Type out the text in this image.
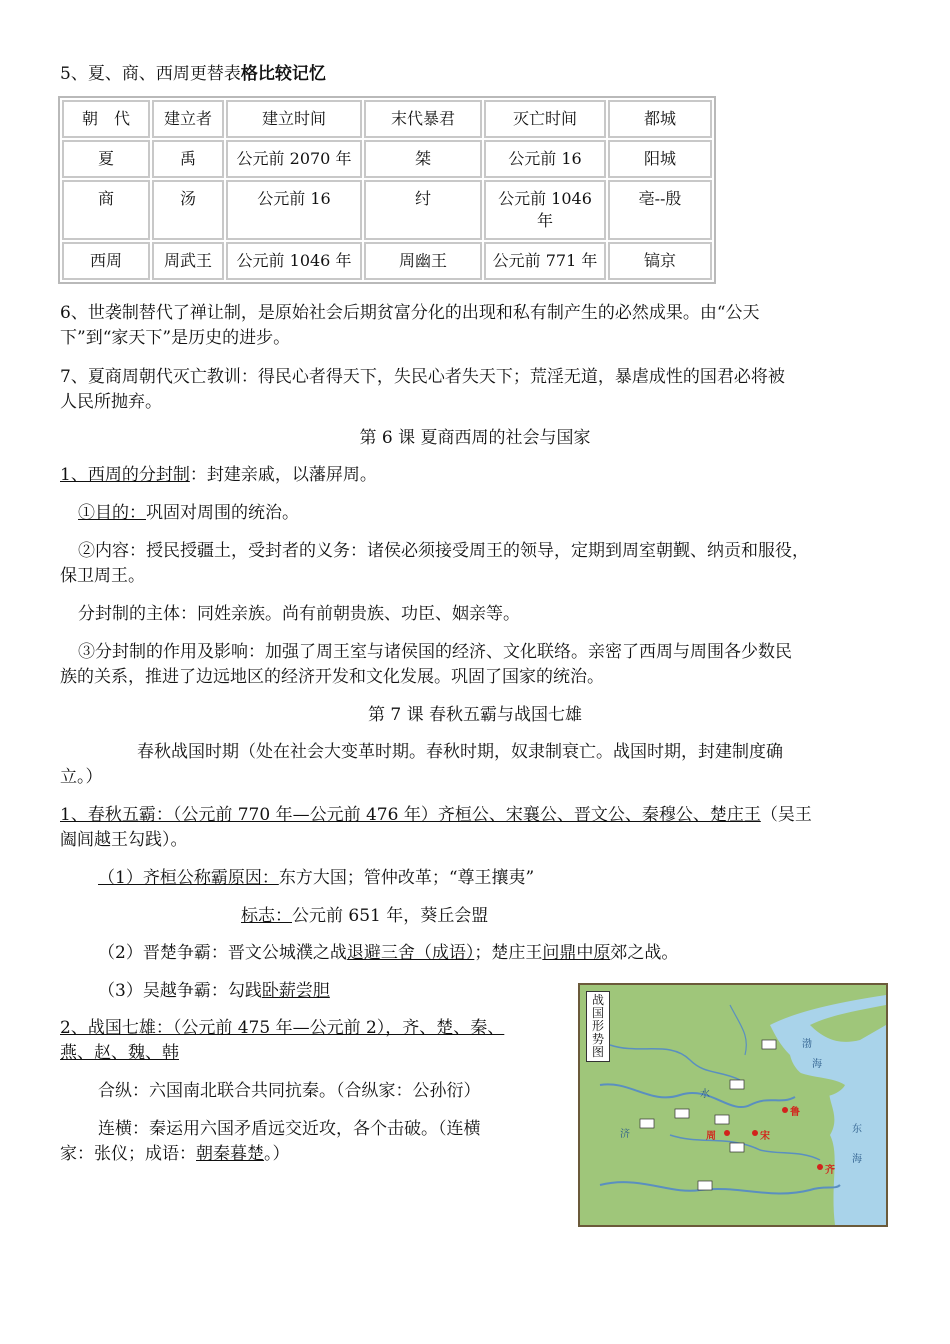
5、夏、商、西周更替表格比较记忆
朝　代	建立者	建立时间	末代暴君	灭亡时间	都城
夏	禹	公元前 2070 年	桀	公元前 16	阳城
商	汤	公元前 16	纣	公元前 1046 年	亳--殷
西周	周武王	公元前 1046 年	周幽王	公元前 771 年	镐京
6、世袭制替代了禅让制，是原始社会后期贫富分化的出现和私有制产生的必然成果。由“公天
下”到“家天下”是历史的进步。
7、夏商周朝代灭亡教训：得民心者得天下，失民心者失天下；荒淫无道，暴虐成性的国君必将被
人民所抛弃。
第 6 课 夏商西周的社会与国家
1、西周的分封制：封建亲戚，以藩屏周。
①目的：巩固对周围的统治。
②内容：授民授疆土，受封者的义务：诸侯必须接受周王的领导，定期到周室朝觐、纳贡和服役，
保卫周王。
分封制的主体：同姓亲族。尚有前朝贵族、功臣、姻亲等。
③分封制的作用及影响：加强了周王室与诸侯国的经济、文化联络。亲密了西周与周围各少数民
族的关系，推进了边远地区的经济开发和文化发展。巩固了国家的统治。
第 7 课 春秋五霸与战国七雄
春秋战国时期（处在社会大变革时期。春秋时期，奴隶制衰亡。战国时期，封建制度确
立。）
1、春秋五霸：（公元前 770 年—公元前 476 年）齐桓公、宋襄公、晋文公、秦穆公、楚庄王（吴王
阖闾越王勾践）。
（1）齐桓公称霸原因：东方大国；管仲改革；“尊王攘夷”
标志：公元前 651 年，葵丘会盟
（2）晋楚争霸：晋文公城濮之战退避三舍（成语）；楚庄王问鼎中原郊之战。
（3）吴越争霸：勾践卧薪尝胆
2、战国七雄：（公元前 475 年—公元前 2），齐、楚、秦、
燕、赵、魏、韩
合纵：六国南北联合共同抗秦。（合纵家：公孙衍）
连横：秦运用六国矛盾远交近攻，各个击破。（连横
家：张仪；成语：朝秦暮楚。）
战国形势图
周	宋
鲁
齐
渤
海
东
海
济
水
